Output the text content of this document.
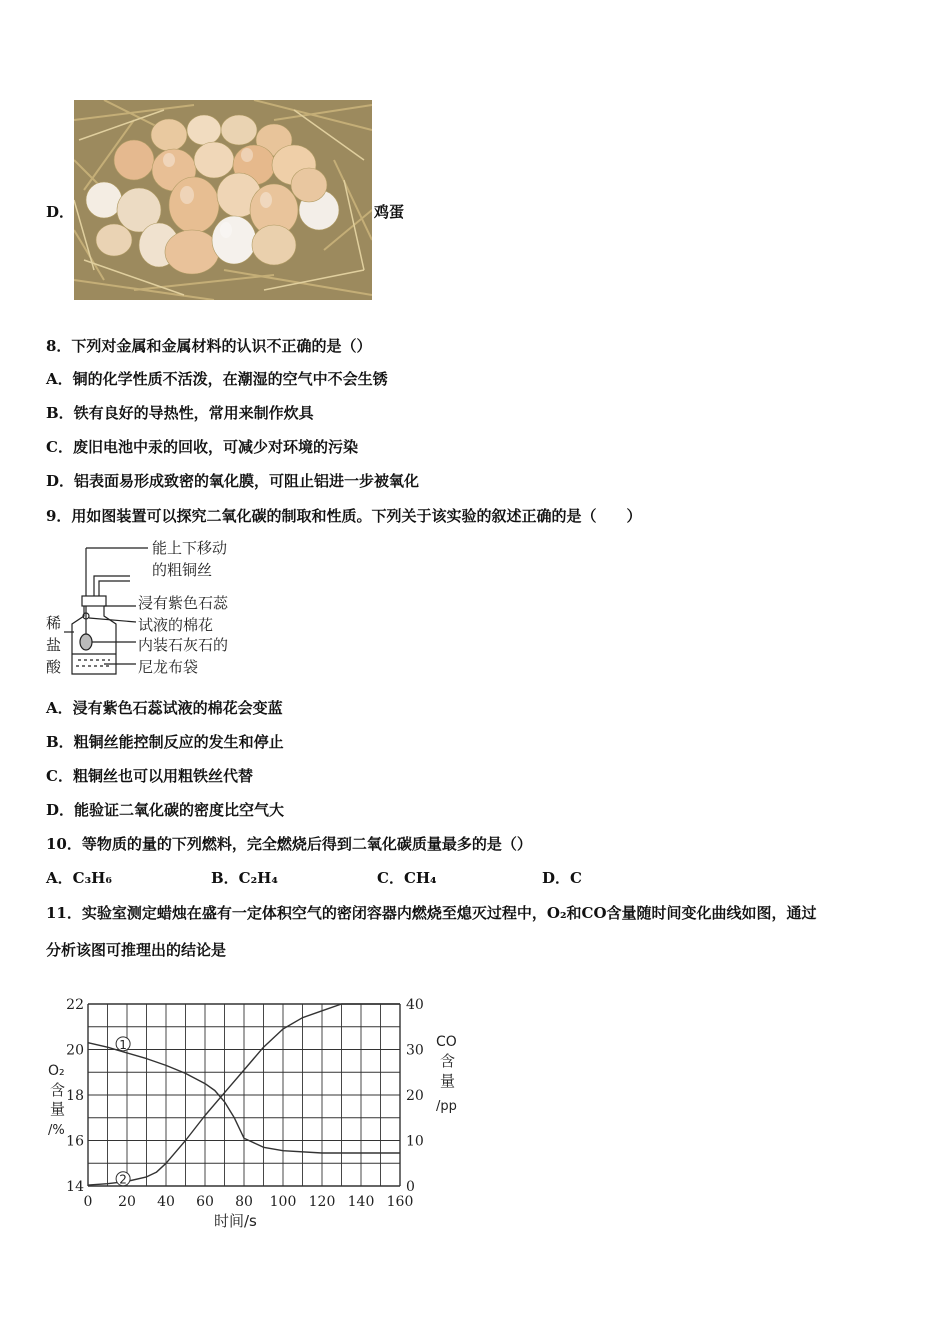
D．	鸡蛋
8．下列对金属和金属材料的认识不正确的是（）
A．铜的化学性质不活泼，在潮湿的空气中不会生锈
B．铁有良好的导热性，常用来制作炊具
C．废旧电池中汞的回收，可减少对环境的污染
D．铝表面易形成致密的氧化膜，可阻止铝进一步被氧化
9．用如图装置可以探究二氧化碳的制取和性质。下列关于该实验的叙述正确的是（　　）
能上下移动
的粗铜丝
浸有紫色石蕊
试液的棉花
内装石灰石的
尼龙布袋
稀
盐
酸
A．浸有紫色石蕊试液的棉花会变蓝
B．粗铜丝能控制反应的发生和停止
C．粗铜丝也可以用粗铁丝代替
D．能验证二氧化碳的密度比空气大
10．等物质的量的下列燃料，完全燃烧后得到二氧化碳质量最多的是（）
A．C₃H₆	B．C₂H₄	C．CH₄	D．C
11．实验室测定蜡烛在盛有一定体积空气的密闭容器内燃烧至熄灭过程中，O₂和CO含量随时间变化曲线如图，通过
分析该图可推理出的结论是
0 20 40 60 80 100 120 140 160
14
16
18
20
22
0
10
20
30
40
1
2
时间/s
O₂
含
量
/%
CO
含
量
/pp
